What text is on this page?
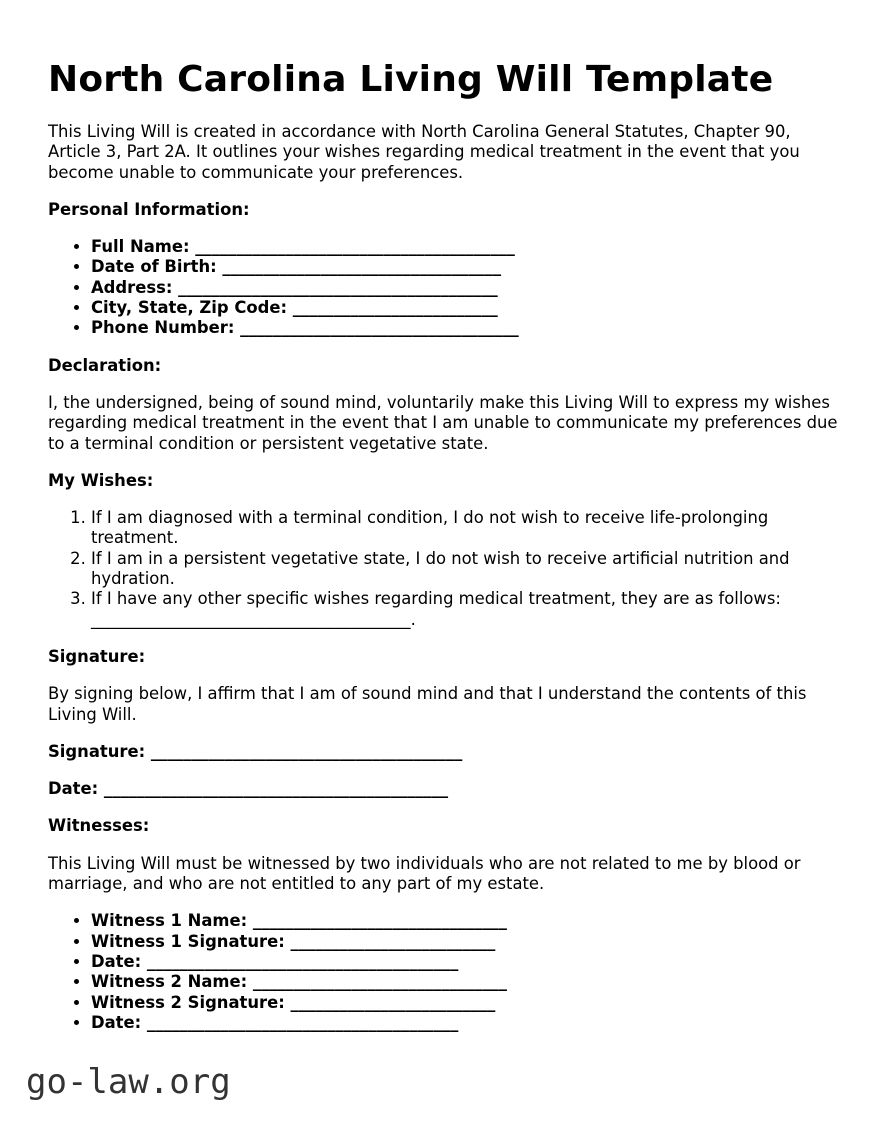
North Carolina Living Will Template

This Living Will is created in accordance with North Carolina General Statutes, Chapter 90, Article 3, Part 2A. It outlines your wishes regarding medical treatment in the event that you become unable to communicate your preferences.

Personal Information:
• Full Name: _______________________________________
• Date of Birth: __________________________________
• Address: _______________________________________
• City, State, Zip Code: _________________________
• Phone Number: __________________________________
Declaration:

I, the undersigned, being of sound mind, voluntarily make this Living Will to express my wishes regarding medical treatment in the event that I am unable to communicate my preferences due to a terminal condition or persistent vegetative state.

My Wishes:
1. If I am diagnosed with a terminal condition, I do not wish to receive life-prolonging treatment.
2. If I am in a persistent vegetative state, I do not wish to receive artificial nutrition and hydration.
3. If I have any other specific wishes regarding medical treatment, they are as follows: _______________________________________.
Signature:

By signing below, I affirm that I am of sound mind and that I understand the contents of this Living Will.

Signature: ______________________________________
Date: __________________________________________
Witnesses:

This Living Will must be witnessed by two individuals who are not related to me by blood or marriage, and who are not entitled to any part of my estate.

• Witness 1 Name: _______________________________
• Witness 1 Signature: _________________________
• Date: ______________________________________
• Witness 2 Name: _______________________________
• Witness 2 Signature: _________________________
• Date: ______________________________________
go-law.org
